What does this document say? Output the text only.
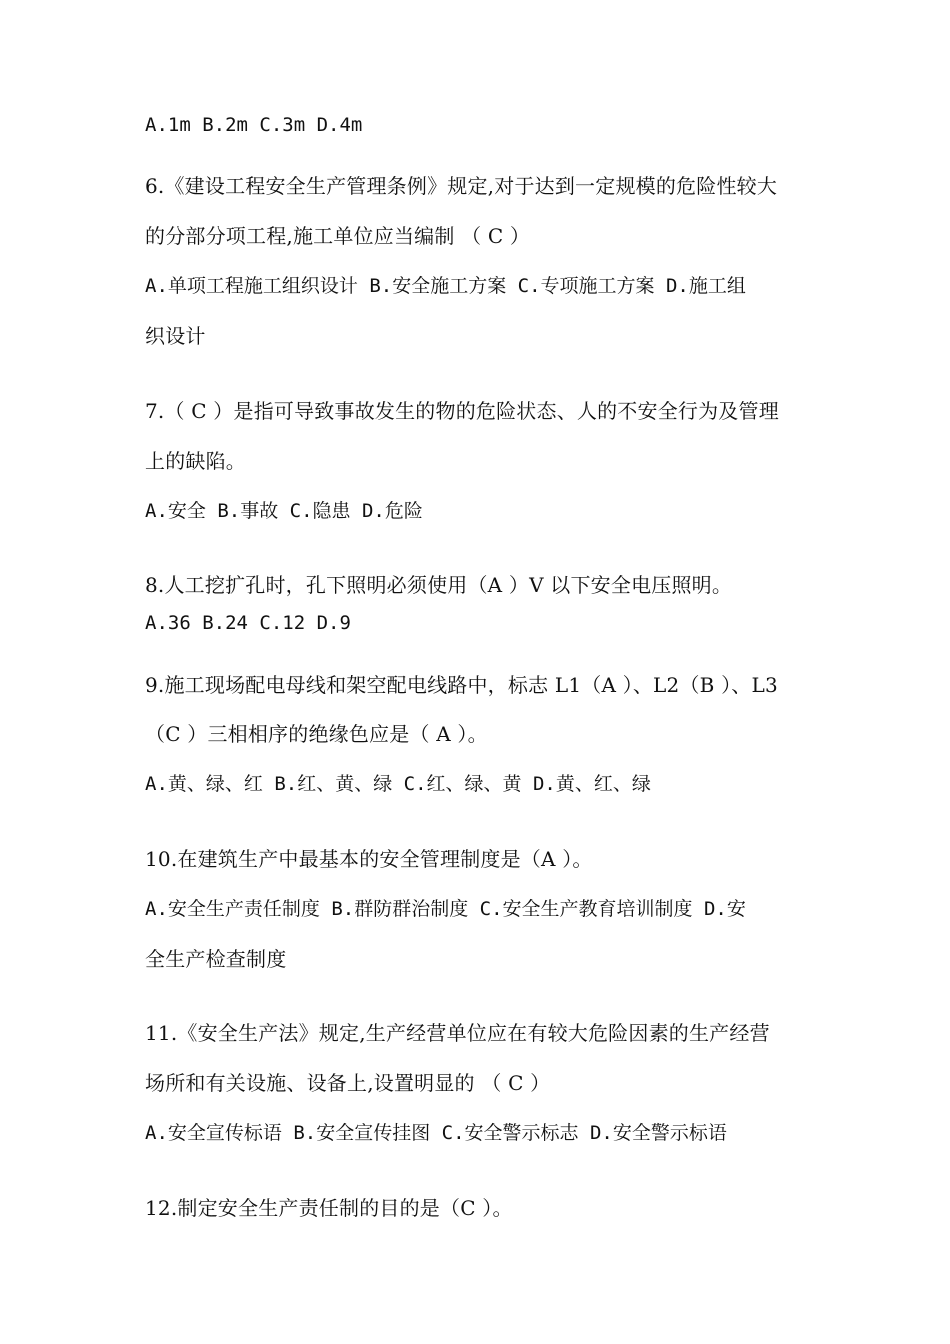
A.1m B.2m C.3m D.4m
6.《建设工程安全生产管理条例》规定,对于达到一定规模的危险性较大
的分部分项工程,施工单位应当编制 （ C ）
A.单项工程施工组织设计 B.安全施工方案 C.专项施工方案 D.施工组
织设计
7.（ C ）是指可导致事故发生的物的危险状态、人的不安全行为及管理
上的缺陷。
A.安全 B.事故 C.隐患 D.危险
8.人工挖扩孔时，孔下照明必须使用（A ）V 以下安全电压照明。
A.36 B.24 C.12 D.9
9.施工现场配电母线和架空配电线路中，标志 L1（A ）、L2（B ）、L3
（C ）三相相序的绝缘色应是（ A ）。
A.黄、绿、红 B.红、黄、绿 C.红、绿、黄 D.黄、红、绿
10.在建筑生产中最基本的安全管理制度是（A ）。
A.安全生产责任制度 B.群防群治制度 C.安全生产教育培训制度 D.安
全生产检查制度
11.《安全生产法》规定,生产经营单位应在有较大危险因素的生产经营
场所和有关设施、设备上,设置明显的 （ C ）
A.安全宣传标语 B.安全宣传挂图 C.安全警示标志 D.安全警示标语
12.制定安全生产责任制的目的是（C ）。
